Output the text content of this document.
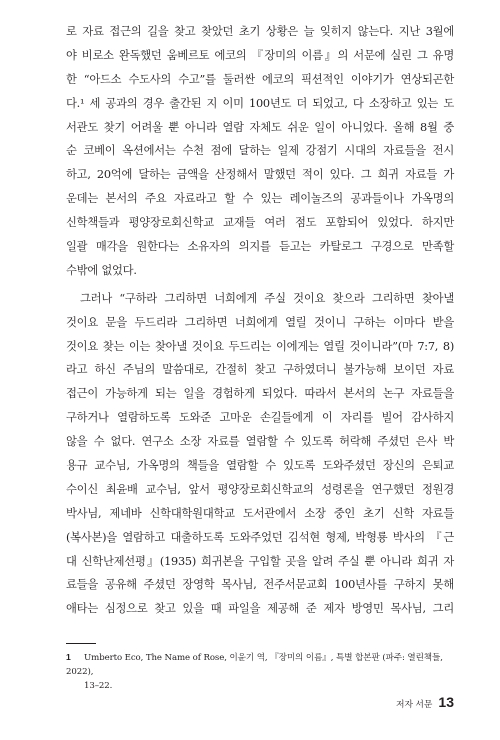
로 자료 접근의 길을 찾고 찾았던 초기 상황은 늘 잊히지 않는다. 지난 3월에
야 비로소 완독했던 움베르토 에코의 『장미의 이름』의 서문에 실린 그 유명
한 “아드소 수도사의 수고”를 둘러싼 에코의 픽션적인 이야기가 연상되곤한
다.¹ 세 공과의 경우 출간된 지 이미 100년도 더 되었고, 다 소장하고 있는 도
서관도 찾기 어려울 뿐 아니라 열람 자체도 쉬운 일이 아니었다. 올해 8월 중
순 코베이 옥션에서는 수천 점에 달하는 일제 강점기 시대의 자료들을 전시
하고, 20억에 달하는 금액을 산정해서 말했던 적이 있다. 그 희귀 자료들 가
운데는 본서의 주요 자료라고 할 수 있는 레이놀즈의 공과들이나 가옥명의
신학책들과 평양장로회신학교 교재들 여러 점도 포함되어 있었다. 하지만
일괄 매각을 원한다는 소유자의 의지를 듣고는 카탈로그 구경으로 만족할
수밖에 없었다.
그러나 “구하라 그리하면 너희에게 주실 것이요 찾으라 그리하면 찾아낼
것이요 문을 두드리라 그리하면 너희에게 열릴 것이니 구하는 이마다 받을
것이요 찾는 이는 찾아낼 것이요 두드리는 이에게는 열릴 것이니라”(마 7:7, 8)
라고 하신 주님의 말씀대로, 간절히 찾고 구하였더니 불가능해 보이던 자료
접근이 가능하게 되는 일을 경험하게 되었다. 따라서 본서의 논구 자료들을
구하거나 열람하도록 도와준 고마운 손길들에게 이 자리를 빌어 감사하지
않을 수 없다. 연구소 소장 자료를 열람할 수 있도록 허락해 주셨던 은사 박
용규 교수님, 가옥명의 책들을 열람할 수 있도록 도와주셨던 장신의 은퇴교
수이신 최윤배 교수님, 앞서 평양장로회신학교의 성령론을 연구했던 정원경
박사님, 제네바 신학대학원대학교 도서관에서 소장 중인 초기 신학 자료들
(복사본)을 열람하고 대출하도록 도와주었던 김석현 형제, 박형룡 박사의 『근
대 신학난제선평』(1935) 희귀본을 구입할 곳을 알려 주실 뿐 아니라 희귀 자
료들을 공유해 주셨던 장영학 목사님, 전주서문교회 100년사를 구하지 못해
애타는 심정으로 찾고 있을 때 파일을 제공해 준 제자 방영민 목사님, 그리
1 Umberto Eco, The Name of Rose, 이윤기 역, 『장미의 이름』, 특별 합본판 (파주: 열린책들, 2022),
13–22.
저자 서문 13
